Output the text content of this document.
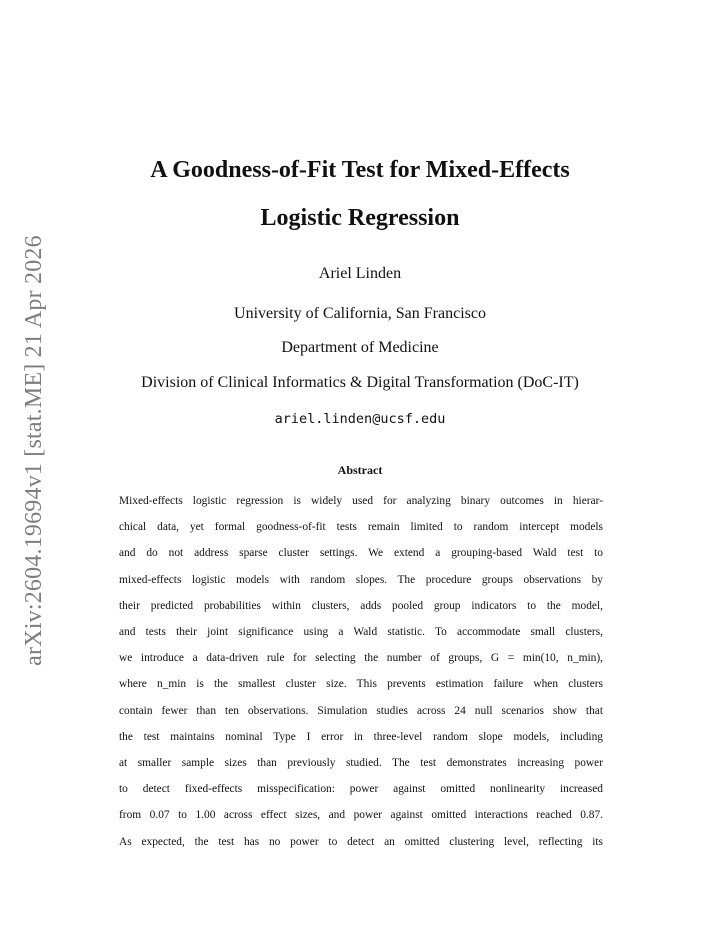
arXiv:2604.19694v1 [stat.ME] 21 Apr 2026
A Goodness-of-Fit Test for Mixed-Effects
Logistic Regression
Ariel Linden
University of California, San Francisco
Department of Medicine
Division of Clinical Informatics & Digital Transformation (DoC-IT)
ariel.linden@ucsf.edu
Abstract
Mixed-effects logistic regression is widely used for analyzing binary outcomes in hierar-
chical data, yet formal goodness-of-fit tests remain limited to random intercept models
and do not address sparse cluster settings. We extend a grouping-based Wald test to
mixed-effects logistic models with random slopes. The procedure groups observations by
their predicted probabilities within clusters, adds pooled group indicators to the model,
and tests their joint significance using a Wald statistic. To accommodate small clusters,
we introduce a data-driven rule for selecting the number of groups, G = min(10, n_min),
where n_min is the smallest cluster size. This prevents estimation failure when clusters
contain fewer than ten observations. Simulation studies across 24 null scenarios show that
the test maintains nominal Type I error in three-level random slope models, including
at smaller sample sizes than previously studied. The test demonstrates increasing power
to detect fixed-effects misspecification: power against omitted nonlinearity increased
from 0.07 to 1.00 across effect sizes, and power against omitted interactions reached 0.87.
As expected, the test has no power to detect an omitted clustering level, reflecting its
